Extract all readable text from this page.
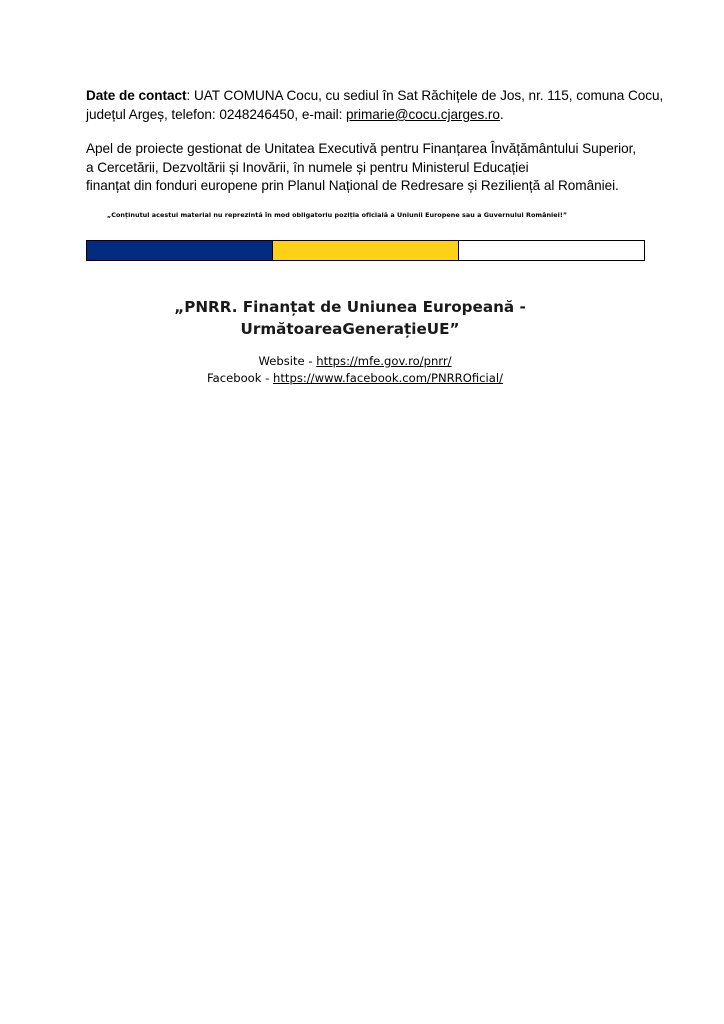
Date de contact: UAT COMUNA Cocu, cu sediul în Sat Răchițele de Jos, nr. 115, comuna Cocu, județul Argeș, telefon: 0248246450, e-mail: primarie@cocu.cjarges.ro.
Apel de proiecte gestionat de Unitatea Executivă pentru Finanțarea Învățământului Superior,
a Cercetării, Dezvoltării și Inovării, în numele și pentru Ministerul Educației
finanțat din fonduri europene prin Planul Național de Redresare și Reziliență al României.
„Conținutul acestui material nu reprezintă în mod obligatoriu poziția oficială a Uniunii Europene sau a Guvernului României!”
„PNRR. Finanțat de Uniunea Europeană -
UrmătoareaGenerațieUE”
Website - https://mfe.gov.ro/pnrr/
Facebook - https://www.facebook.com/PNRROficial/
